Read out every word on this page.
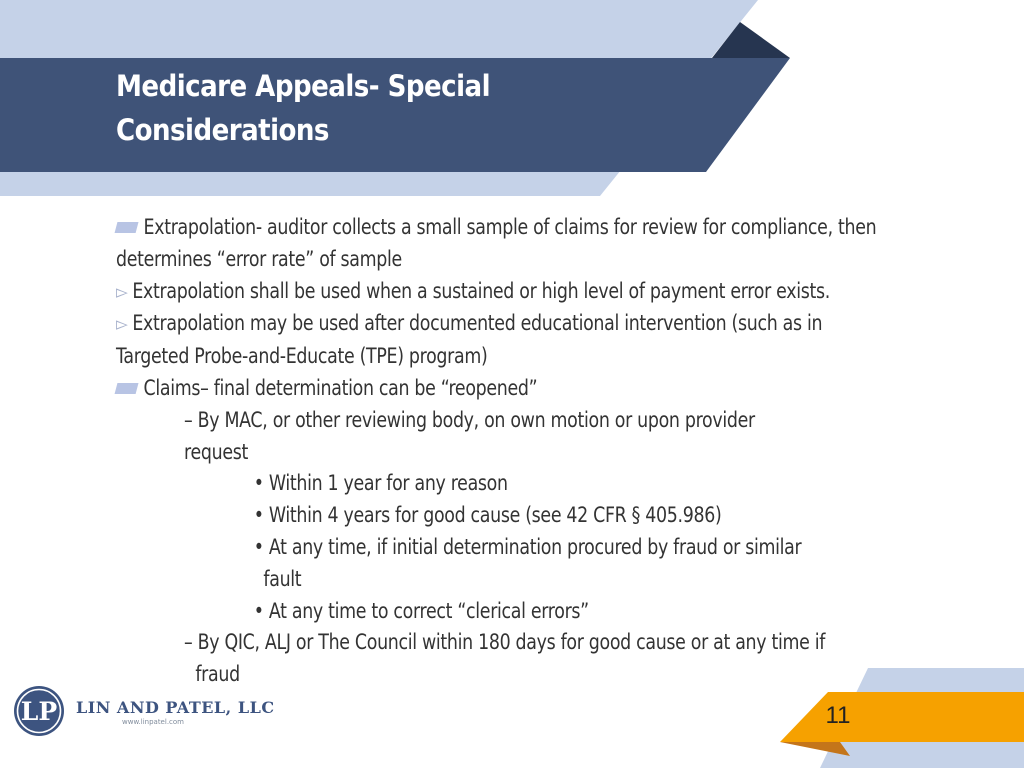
Medicare Appeals- Special
Considerations

Extrapolation- auditor collects a small sample of claims for review for compliance, then

determines “error rate” of sample

▻ Extrapolation shall be used when a sustained or high level of payment error exists.

▻ Extrapolation may be used after documented educational intervention (such as in

Targeted Probe-and-Educate (TPE) program)

Claims– final determination can be “reopened”

– By MAC, or other reviewing body, on own motion or upon provider

request

• Within 1 year for any reason

• Within 4 years for good cause (see 42 CFR § 405.986)

• At any time, if initial determination procured by fraud or similar

fault

• At any time to correct “clerical errors”

– By QIC, ALJ or The Council within 180 days for good cause or at any time if

fraud

LP LIN AND PATEL, LLC

www.linpatel.com	11
